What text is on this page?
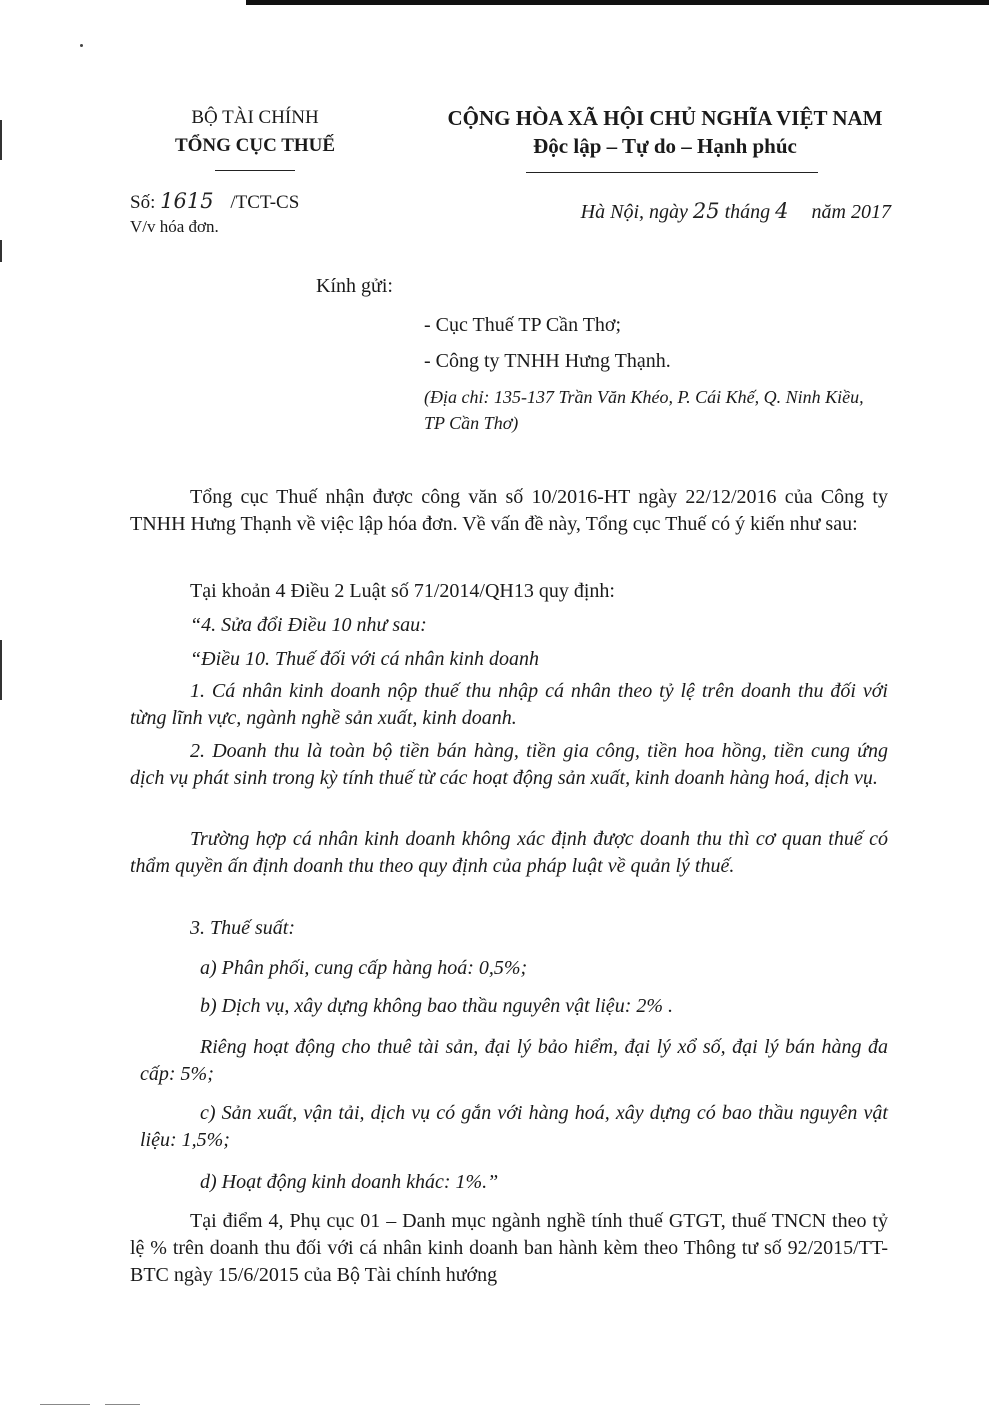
BỘ TÀI CHÍNH
TỔNG CỤC THUẾ
CỘNG HÒA XÃ HỘI CHỦ NGHĨA VIỆT NAM
Độc lập – Tự do – Hạnh phúc
Số: 1615 /TCT-CS
V/v hóa đơn.
Hà Nội, ngày 25 tháng 4 năm 2017
Kính gửi:
- Cục Thuế TP Cần Thơ;
- Công ty TNHH Hưng Thạnh.
(Địa chỉ: 135-137 Trần Văn Khéo, P. Cái Khế, Q. Ninh Kiều, TP Cần Thơ)
Tổng cục Thuế nhận được công văn số 10/2016-HT ngày 22/12/2016 của Công ty TNHH Hưng Thạnh về việc lập hóa đơn. Về vấn đề này, Tổng cục Thuế có ý kiến như sau:
Tại khoản 4 Điều 2 Luật số 71/2014/QH13 quy định:
“4. Sửa đổi Điều 10 như sau:
“Điều 10. Thuế đối với cá nhân kinh doanh
1. Cá nhân kinh doanh nộp thuế thu nhập cá nhân theo tỷ lệ trên doanh thu đối với từng lĩnh vực, ngành nghề sản xuất, kinh doanh.
2. Doanh thu là toàn bộ tiền bán hàng, tiền gia công, tiền hoa hồng, tiền cung ứng dịch vụ phát sinh trong kỳ tính thuế từ các hoạt động sản xuất, kinh doanh hàng hoá, dịch vụ.
Trường hợp cá nhân kinh doanh không xác định được doanh thu thì cơ quan thuế có thẩm quyền ấn định doanh thu theo quy định của pháp luật về quản lý thuế.
3. Thuế suất:
a) Phân phối, cung cấp hàng hoá: 0,5%;
b) Dịch vụ, xây dựng không bao thầu nguyên vật liệu: 2% .
Riêng hoạt động cho thuê tài sản, đại lý bảo hiểm, đại lý xổ số, đại lý bán hàng đa cấp: 5%;
c) Sản xuất, vận tải, dịch vụ có gắn với hàng hoá, xây dựng có bao thầu nguyên vật liệu: 1,5%;
d) Hoạt động kinh doanh khác: 1%.”
Tại điểm 4, Phụ cục 01 – Danh mục ngành nghề tính thuế GTGT, thuế TNCN theo tỷ lệ % trên doanh thu đối với cá nhân kinh doanh ban hành kèm theo Thông tư số 92/2015/TT-BTC ngày 15/6/2015 của Bộ Tài chính hướng
